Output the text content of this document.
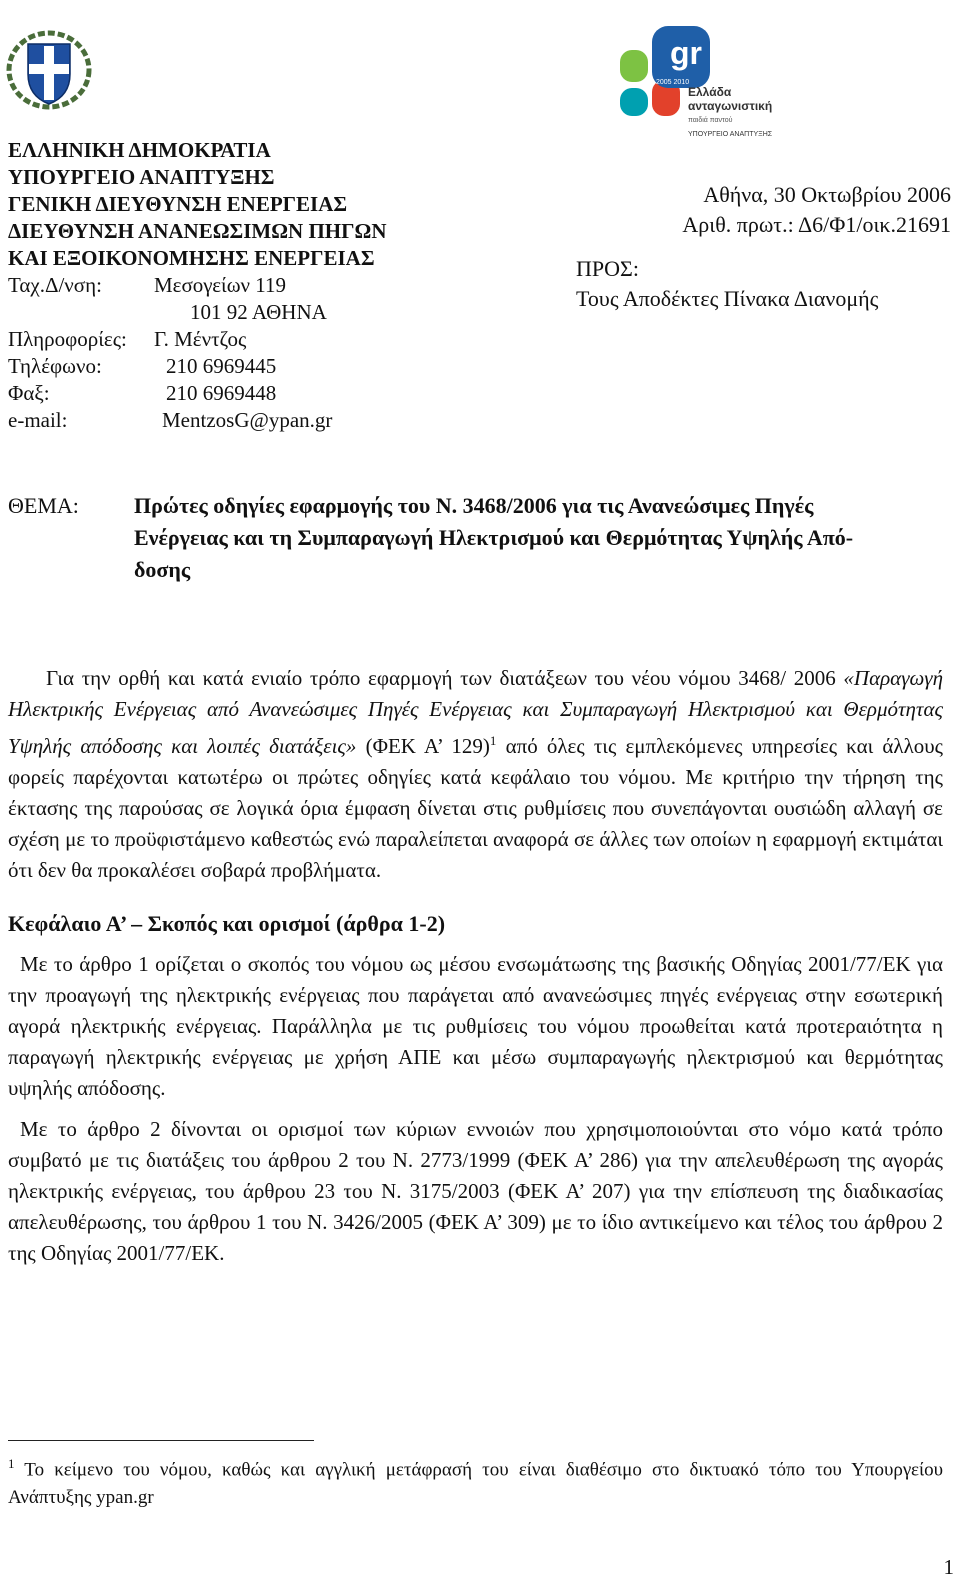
gr
2005 2010
Ελλάδα
ανταγωνιστική
παιδιά παντού
ΥΠΟΥΡΓΕΙΟ ΑΝΑΠΤΥΞΗΣ
ΕΛΛΗΝΙΚΗ ΔΗΜΟΚΡΑΤΙΑ
ΥΠΟΥΡΓΕΙΟ ΑΝΑΠΤΥΞΗΣ
ΓΕΝΙΚΗ ΔΙΕΥΘΥΝΣΗ ΕΝΕΡΓΕΙΑΣ
ΔΙΕΥΘΥΝΣΗ ΑΝΑΝΕΩΣΙΜΩΝ ΠΗΓΩΝ
ΚΑΙ ΕΞΟΙΚΟΝΟΜΗΣΗΣ ΕΝΕΡΓΕΙΑΣ
Ταχ.Δ/νση:	Μεσογείων 119
101 92 ΑΘΗΝΑ
Πληροφορίες:	Γ. Μέντζος
Τηλέφωνο:	210 6969445
Φαξ:	210 6969448
e-mail:	MentzosG@ypan.gr
Αθήνα, 30 Οκτωβρίου 2006
Αριθ. πρωτ.: Δ6/Φ1/οικ.21691
ΠΡΟΣ:
Τους Αποδέκτες Πίνακα Διανομής
ΘΕΜΑ:	Πρώτες οδηγίες εφαρμογής του Ν. 3468/2006 για τις Ανανεώσιμες Πηγές
Ενέργειας και τη Συμπαραγωγή Ηλεκτρισμού και Θερμότητας Υψηλής Από-
δοσης

Για την ορθή και κατά ενιαίο τρόπο εφαρμογή των διατάξεων του νέου νόμου 3468/ 2006 «Παραγωγή Ηλεκτρικής Ενέργειας από Ανανεώσιμες Πηγές Ενέργειας και Συμπαραγωγή Ηλεκτρισμού και Θερμότητας Υψηλής απόδοσης και λοιπές διατάξεις» (ΦΕΚ Α’ 129)$^1$ από όλες τις εμπλεκόμενες υπηρεσίες και άλλους φορείς παρέχονται κατωτέρω οι πρώτες οδηγίες κατά κεφάλαιο του νόμου. Με κριτήριο την τήρηση της έκτασης της παρούσας σε λογικά όρια έμφαση δίνεται στις ρυθμίσεις που συνεπάγονται ουσιώδη αλλαγή σε σχέση με το προϋφιστάμενο καθεστώς ενώ παραλείπεται αναφορά σε άλλες των οποίων η εφαρμογή εκτιμάται ότι δεν θα προκαλέσει σοβαρά προβλήματα.

Κεφάλαιο Α’ – Σκοπός και ορισμοί (άρθρα 1-2)

Με το άρθρο 1 ορίζεται ο σκοπός του νόμου ως μέσου ενσωμάτωσης της βασικής Οδηγίας 2001/77/ΕΚ για την προαγωγή της ηλεκτρικής ενέργειας που παράγεται από ανανεώσιμες πηγές ενέργειας στην εσωτερική αγορά ηλεκτρικής ενέργειας. Παράλληλα με τις ρυθμίσεις του νόμου προωθείται κατά προτεραιότητα η παραγωγή ηλεκτρικής ενέργειας με χρήση ΑΠΕ και μέσω συμπαραγωγής ηλεκτρισμού και θερμότητας υψηλής απόδοσης.

Με το άρθρο 2 δίνονται οι ορισμοί των κύριων εννοιών που χρησιμοποιούνται στο νόμο κατά τρόπο συμβατό με τις διατάξεις του άρθρου 2 του Ν. 2773/1999 (ΦΕΚ Α’ 286) για την απελευθέρωση της αγοράς ηλεκτρικής ενέργειας, του άρθρου 23 του Ν. 3175/2003 (ΦΕΚ Α’ 207) για την επίσπευση της διαδικασίας απελευθέρωσης, του άρθρου 1 του Ν. 3426/2005 (ΦΕΚ Α’ 309) με το ίδιο αντικείμενο και τέλος του άρθρου 2 της Οδηγίας 2001/77/ΕΚ.

$^1$ Το κείμενο του νόμου, καθώς και αγγλική μετάφρασή του είναι διαθέσιμο στο δικτυακό τόπο του Υπουργείου Ανάπτυξης ypan.gr
1
